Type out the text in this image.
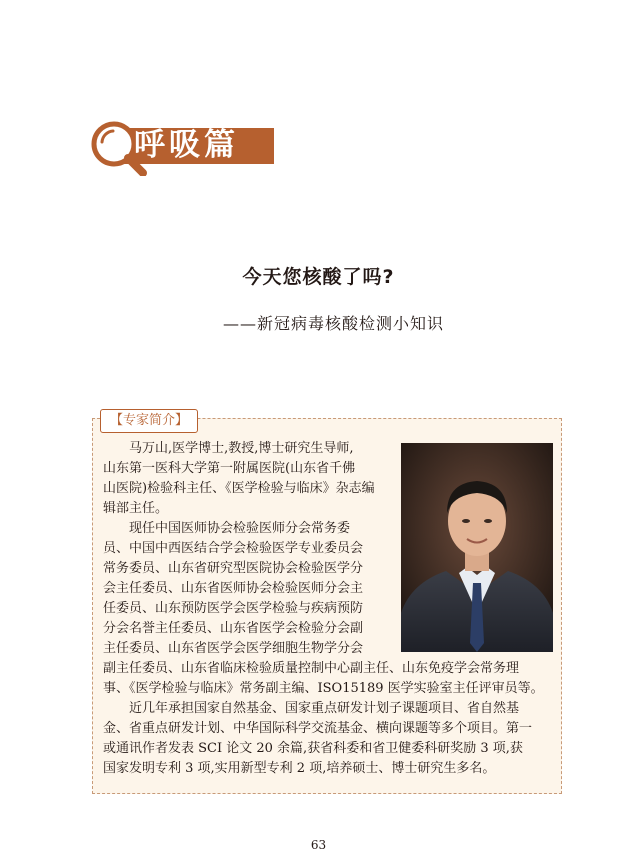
呼吸篇
今天您核酸了吗?
——新冠病毒核酸检测小知识
【专家简介】
马万山,医学博士,教授,博士研究生导师,
山东第一医科大学第一附属医院(山东省千佛
山医院)检验科主任、《医学检验与临床》杂志编
辑部主任。
现任中国医师协会检验医师分会常务委
员、中国中西医结合学会检验医学专业委员会
常务委员、山东省研究型医院协会检验医学分
会主任委员、山东省医师协会检验医师分会主
任委员、山东预防医学会医学检验与疾病预防
分会名誉主任委员、山东省医学会检验分会副
主任委员、山东省医学会医学细胞生物学分会
副主任委员、山东省临床检验质量控制中心副主任、山东免疫学会常务理
事、《医学检验与临床》常务副主编、ISO15189 医学实验室主任评审员等。
近几年承担国家自然基金、国家重点研发计划子课题项目、省自然基
金、省重点研发计划、中华国际科学交流基金、横向课题等多个项目。第一
或通讯作者发表 SCI 论文 20 余篇,获省科委和省卫健委科研奖励 3 项,获
国家发明专利 3 项,实用新型专利 2 项,培养硕士、博士研究生多名。
63
